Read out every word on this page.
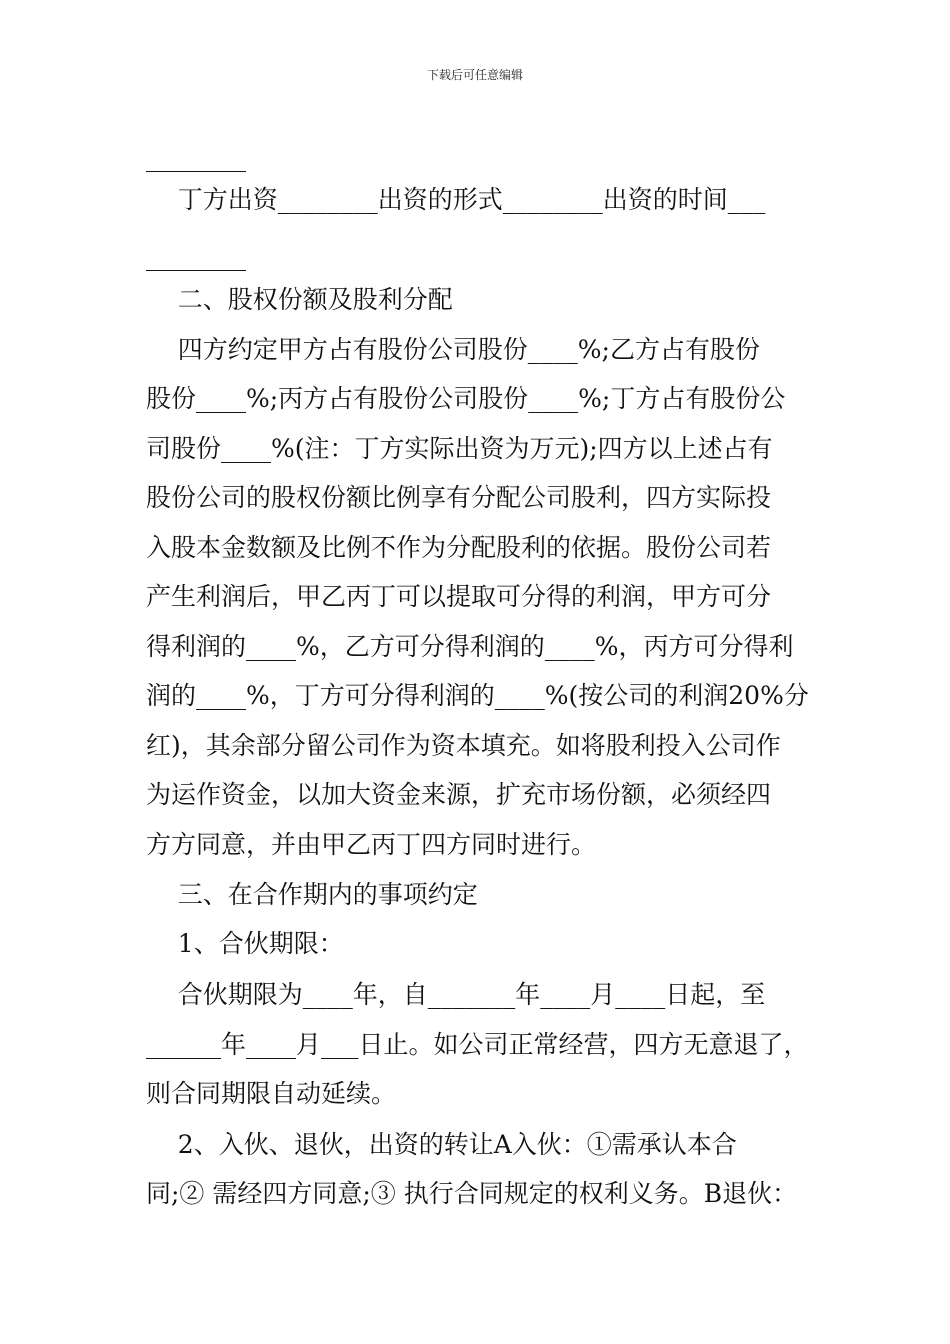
下载后可任意编辑
________
丁方出资________出资的形式________出资的时间___
________
二、股权份额及股利分配
四方约定甲方占有股份公司股份____%;乙方占有股份
股份____%;丙方占有股份公司股份____%;丁方占有股份公
司股份____%(注：丁方实际出资为万元);四方以上述占有
股份公司的股权份额比例享有分配公司股利，四方实际投
入股本金数额及比例不作为分配股利的依据。股份公司若
产生利润后，甲乙丙丁可以提取可分得的利润，甲方可分
得利润的____%，乙方可分得利润的____%，丙方可分得利
润的____%，丁方可分得利润的____%(按公司的利润20%分
红)，其余部分留公司作为资本填充。如将股利投入公司作
为运作资金，以加大资金来源，扩充市场份额，必须经四
方方同意，并由甲乙丙丁四方同时进行。
三、在合作期内的事项约定
1、合伙期限：
合伙期限为____年，自_______年____月____日起，至
______年____月___日止。如公司正常经营，四方无意退了，
则合同期限自动延续。
2、入伙、退伙，出资的转让A入伙：①需承认本合
同;② 需经四方同意;③ 执行合同规定的权利义务。B退伙：
